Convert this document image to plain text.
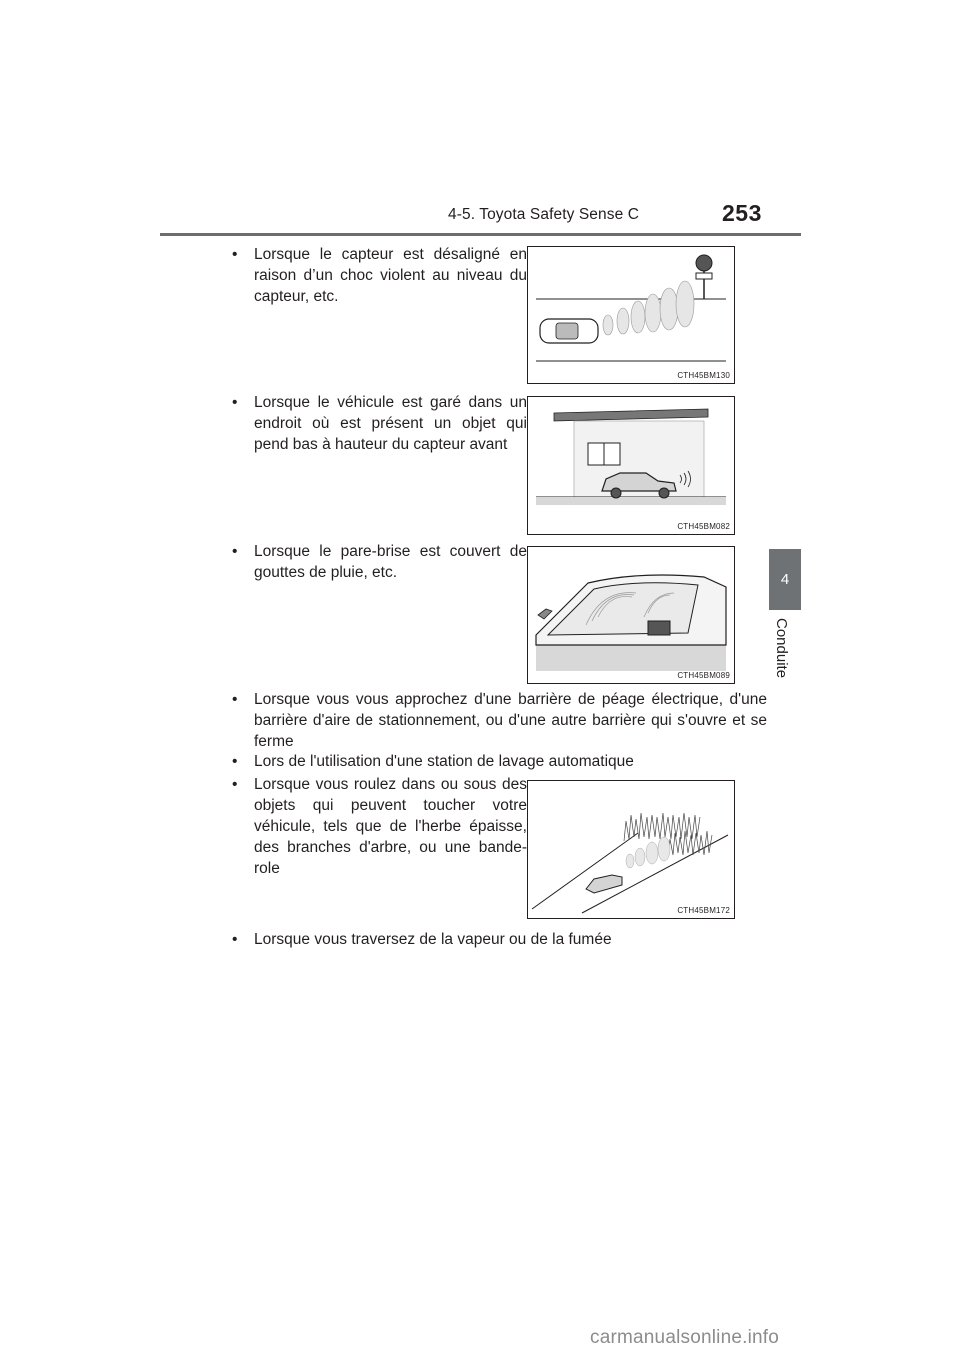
4-5. Toyota Safety Sense C	253
4
Conduite
• Lorsque le capteur est désaligné en raison d’un choc violent au niveau du capteur, etc.
CTH45BM130
• Lorsque le véhicule est garé dans un endroit où est présent un objet qui pend bas à hauteur du capteur avant
CTH45BM082
• Lorsque le pare-brise est couvert de gouttes de pluie, etc.
CTH45BM089
• Lorsque vous vous approchez d'une barrière de péage électrique, d'une barrière d'aire de stationnement, ou d'une autre barrière qui s'ouvre et se ferme
• Lors de l'utilisation d'une station de lavage automatique
• Lorsque vous roulez dans ou sous des objets qui peuvent toucher votre véhicule, tels que de l'herbe épaisse, des branches d'arbre, ou une bande-role
CTH45BM172
• Lorsque vous traversez de la vapeur ou de la fumée
carmanualsonline.info
